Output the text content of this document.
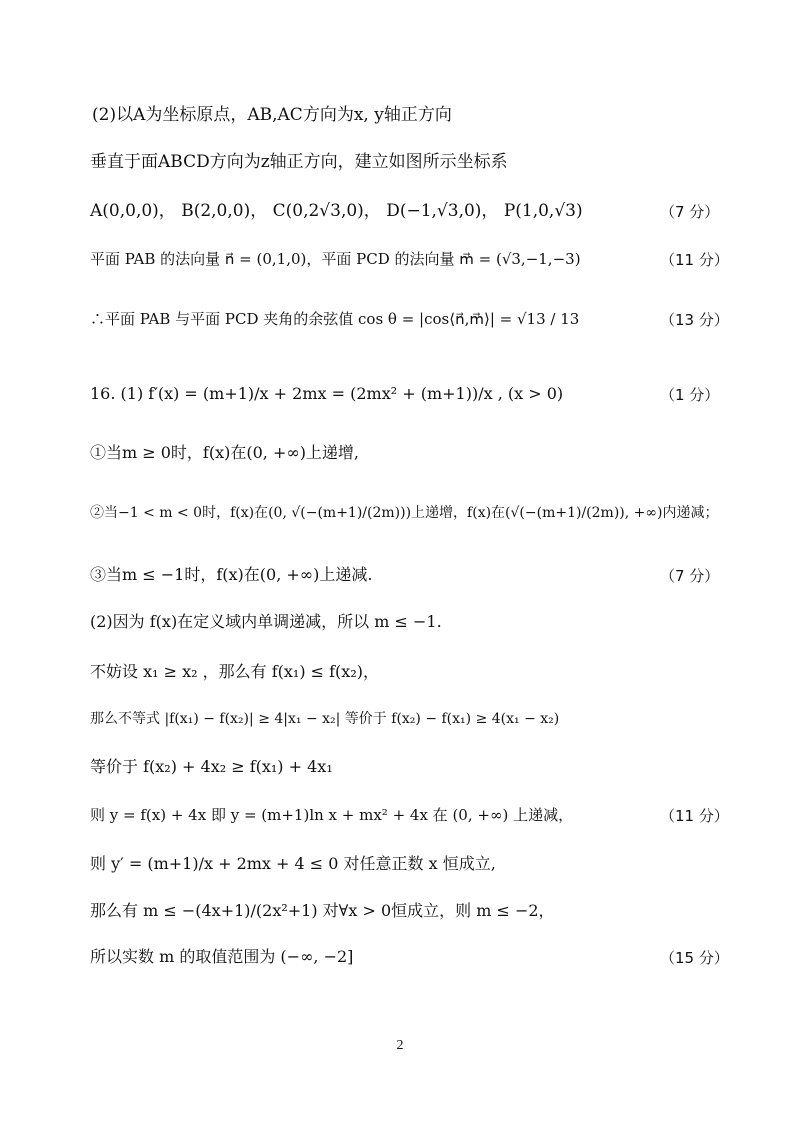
(2)以A为坐标原点，AB,AC方向为x, y轴正方向
垂直于面ABCD方向为z轴正方向，建立如图所示坐标系
A(0,0,0)， B(2,0,0)， C(0,2√3,0)， D(−1,√3,0)， P(1,0,√3)	（7 分）
平面 PAB 的法向量 n⃗ = (0,1,0)，平面 PCD 的法向量 m⃗ = (√3,−1,−3)	（11 分）
∴平面 PAB 与平面 PCD 夹角的余弦值 cos θ = |cos⟨n⃗,m⃗⟩| = √13 / 13	（13 分）
16. (1) f′(x) = (m+1)/x + 2mx = (2mx² + (m+1))/x , (x > 0)	（1 分）
①当m ≥ 0时，f(x)在(0, +∞)上递增,
②当−1 < m < 0时，f(x)在(0, √(−(m+1)/(2m)))上递增，f(x)在(√(−(m+1)/(2m)), +∞)内递减；
③当m ≤ −1时，f(x)在(0, +∞)上递减.	（7 分）
(2)因为 f(x)在定义域内单调递减，所以 m ≤ −1.
不妨设 x₁ ≥ x₂ ，那么有 f(x₁) ≤ f(x₂)，
那么不等式 |f(x₁) − f(x₂)| ≥ 4|x₁ − x₂| 等价于 f(x₂) − f(x₁) ≥ 4(x₁ − x₂)
等价于 f(x₂) + 4x₂ ≥ f(x₁) + 4x₁
则 y = f(x) + 4x 即 y = (m+1)ln x + mx² + 4x 在 (0, +∞) 上递减，	（11 分）
则 y′ = (m+1)/x + 2mx + 4 ≤ 0 对任意正数 x 恒成立,
那么有 m ≤ −(4x+1)/(2x²+1) 对∀x > 0恒成立，则 m ≤ −2，
所以实数 m 的取值范围为 (−∞, −2]	（15 分）
2
